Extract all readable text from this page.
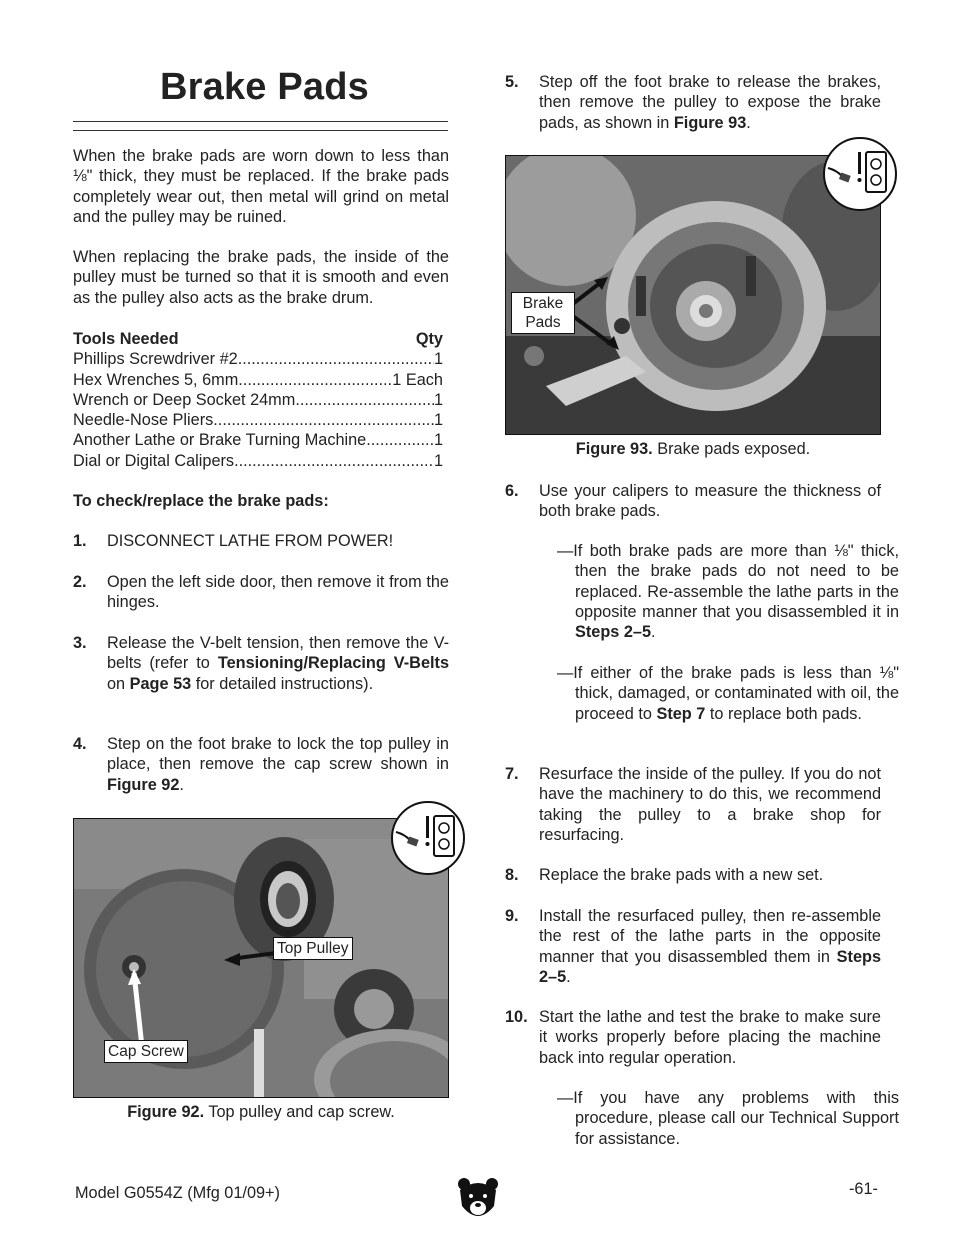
Brake Pads

When the brake pads are worn down to less than ⅛" thick, they must be replaced. If the brake pads completely wear out, then metal will grind on metal and the pulley may be ruined.

When replacing the brake pads, the inside of the pulley must be turned so that it is smooth and even as the pulley also acts as the brake drum.

Tools Needed	Qty
Phillips Screwdriver #2 .....	1
Hex Wrenches 5, 6mm .....	1 Each
Wrench or Deep Socket 24mm .....	1
Needle-Nose Pliers .....	1
Another Lathe or Brake Turning Machine .....	1
Dial or Digital Calipers .....	1

To check/replace the brake pads:

1.	DISCONNECT LATHE FROM POWER!
2.	Open the left side door, then remove it from the hinges.
3.	Release the V-belt tension, then remove the V-belts (refer to Tensioning/Replacing V-Belts on Page 53 for detailed instructions).
4.	Step on the foot brake to lock the top pulley in place, then remove the cap screw shown in Figure 92.
Top Pulley
Cap Screw

Figure 92. Top pulley and cap screw.

5.	Step off the foot brake to release the brakes, then remove the pulley to expose the brake pads, as shown in Figure 93.
Brake
Pads

Figure 93. Brake pads exposed.

6.	Use your calipers to measure the thickness of both brake pads.

—If both brake pads are more than ⅛" thick, then the brake pads do not need to be replaced. Re-assemble the lathe parts in the opposite manner that you disassembled it in Steps 2–5.

—If either of the brake pads is less than ⅛" thick, damaged, or contaminated with oil, the proceed to Step 7 to replace both pads.

7.	Resurface the inside of the pulley. If you do not have the machinery to do this, we recommend taking the pulley to a brake shop for resurfacing.
8.	Replace the brake pads with a new set.
9.	Install the resurfaced pulley, then re-assemble the rest of the lathe parts in the opposite manner that you disassembled them in Steps 2–5.
10. Start the lathe and test the brake to make sure it works properly before placing the machine back into regular operation.

—If you have any problems with this procedure, please call our Technical Support for assistance.

Model G0554Z (Mfg 01/09+)	-61-
